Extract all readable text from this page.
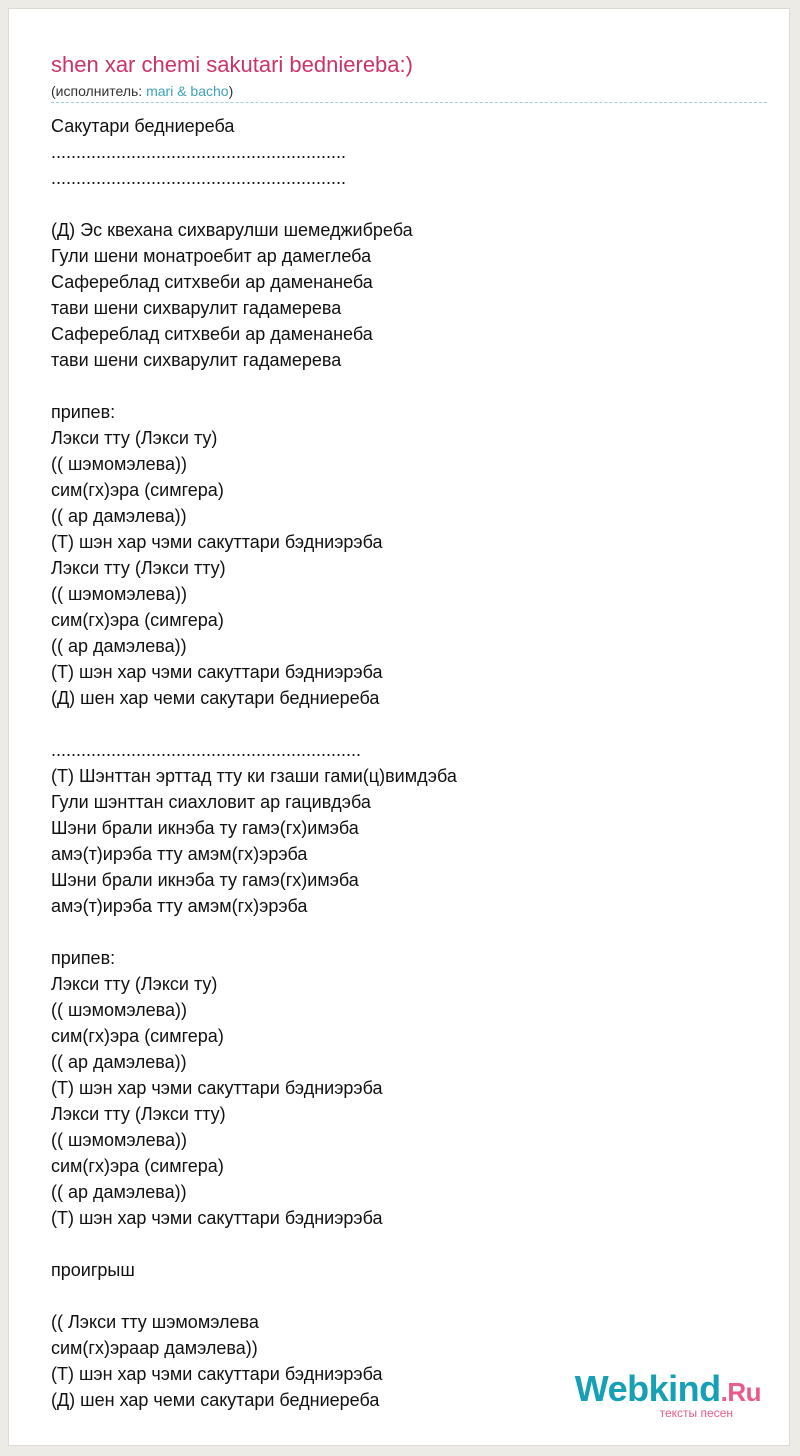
shen xar chemi sakutari bedniereba:)
(исполнитель: mari & bacho)
Сакутари бедниереба
...........................................................
...........................................................
(Д) Эс квехана сихварулши шемеджибреба
Гули шени монатроебит ар дамеглеба
Сафереблад ситхвеби ар даменанеба
тави шени сихварулит гадамерева
Сафереблад ситхвеби ар даменанеба
тави шени сихварулит гадамерева
припев:
Лэкси тту (Лэкси ту)
(( шэмомэлева))
сим(гх)эра (симгера)
(( ар дамэлева))
(Т) шэн хар чэми сакуттари бэдниэрэба
Лэкси тту (Лэкси тту)
(( шэмомэлева))
сим(гх)эра (симгера)
(( ар дамэлева))
(Т) шэн хар чэми сакуттари бэдниэрэба
(Д) шен хар чеми сакутари бедниереба
..............................................................
(Т) Шэнттан эрттад тту ки гзаши гами(ц)вимдэба
Гули шэнттан сиахловит ар гацивдэба
Шэни брали икнэба ту гамэ(гх)имэба
амэ(т)ирэба тту амэм(гх)эрэба
Шэни брали икнэба ту гамэ(гх)имэба
амэ(т)ирэба тту амэм(гх)эрэба
припев:
Лэкси тту (Лэкси ту)
(( шэмомэлева))
сим(гх)эра (симгера)
(( ар дамэлева))
(Т) шэн хар чэми сакуттари бэдниэрэба
Лэкси тту (Лэкси тту)
(( шэмомэлева))
сим(гх)эра (симгера)
(( ар дамэлева))
(Т) шэн хар чэми сакуттари бэдниэрэба
проигрыш
(( Лэкси тту шэмомэлева
сим(гх)эраар дамэлева))
(Т) шэн хар чэми сакуттари бэдниэрэба
(Д) шен хар чеми сакутари бедниереба	Webkind.Ru
тексты песен
